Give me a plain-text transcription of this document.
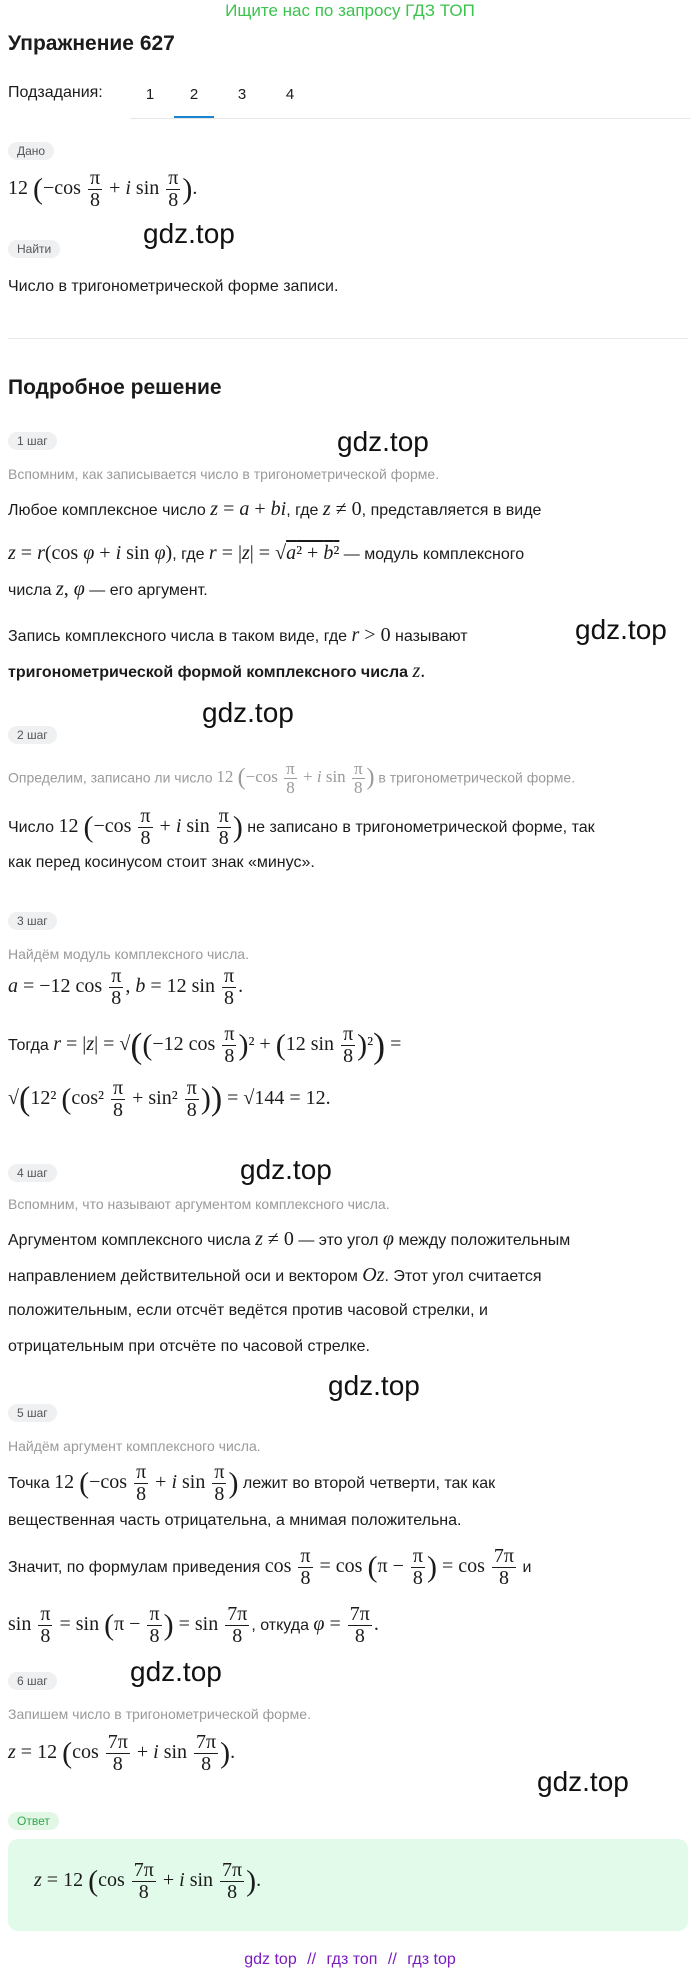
Ищите нас по запросу ГДЗ ТОП
Упражнение 627
Подзадания:	1	2	3	4
Дано
12 ($-\cos \frac{\pi}{8} + i$ $\sin \frac{\pi}{8}$ ).
Найти	gdz.top
Число в тригонометрической форме записи.
Подробное решение
1 шаг	gdz.top
Вспомним, как записывается число в тригонометрической форме.
Любое комплексное число z = a + bi, где z ≠ 0, представляется в виде
z = r(cos φ + i sin φ), где r = |z| = √a² + b² — модуль комплексного
числа z, φ — его аргумент.
Запись комплексного числа в таком виде, где r > 0 называют	gdz.top
тригонометрической формой комплексного числа z.
gdz.top
2 шаг
Определим, записано ли число 12 ($-\cos \frac{\pi}{8} + i$ $\sin \frac{\pi}{8}$ ) в тригонометрической форме.
Число 12 ($-\cos \frac{\pi}{8} + i$ $\sin \frac{\pi}{8}$ ) не записано в тригонометрической форме, так
как перед косинусом стоит знак «минус».
3 шаг
Найдём модуль комплексного числа.
a = −12 $\cos \frac{\pi}{8}$ , b = 12 $\sin \frac{\pi}{8}$ .
Тогда r = |z| = √((−12 $\cos \frac{\pi}{8} )^2 + (12$ $\sin \frac{\pi}{8} )^2$) =
√(12² ($\cos^2 \frac{\pi}{8} + \sin^2 \frac{\pi}{8}$ )) = √144 = 12.
gdz.top
4 шаг
Вспомним, что называют аргументом комплексного числа.
Аргументом комплексного числа z ≠ 0 — это угол φ между положительным
направлением действительной оси и вектором Oz. Этот угол считается
положительным, если отсчёт ведётся против часовой стрелки, и
отрицательным при отсчёте по часовой стрелке.
gdz.top
5 шаг
Найдём аргумент комплексного числа.
Точка 12 ($-\cos \frac{\pi}{8} + i$ $\sin \frac{\pi}{8}$ ) лежит во второй четверти, так как
вещественная часть отрицательна, а мнимая положительна.
Значит, по формулам приведения $\cos \frac{\pi}{8} = \cos (\pi - \frac{\pi}{8}$ ) = $\cos \frac{7\pi}{8}$ и
$\sin \frac{\pi}{8} = \sin (\pi - \frac{\pi}{8}$ ) = $\sin \frac{7\pi}{8}$ , откуда $\varphi = \frac{7\pi}{8}$ .
gdz.top
6 шаг
Запишем число в тригонометрической форме.
z = 12 ($\cos \frac{7\pi}{8} + i$ $\sin \frac{7\pi}{8}$ ).
gdz.top
Ответ
z = 12 ($\cos \frac{7\pi}{8} + i$ $\sin \frac{7\pi}{8}$ ).
gdz top // гдз топ // гдз top
